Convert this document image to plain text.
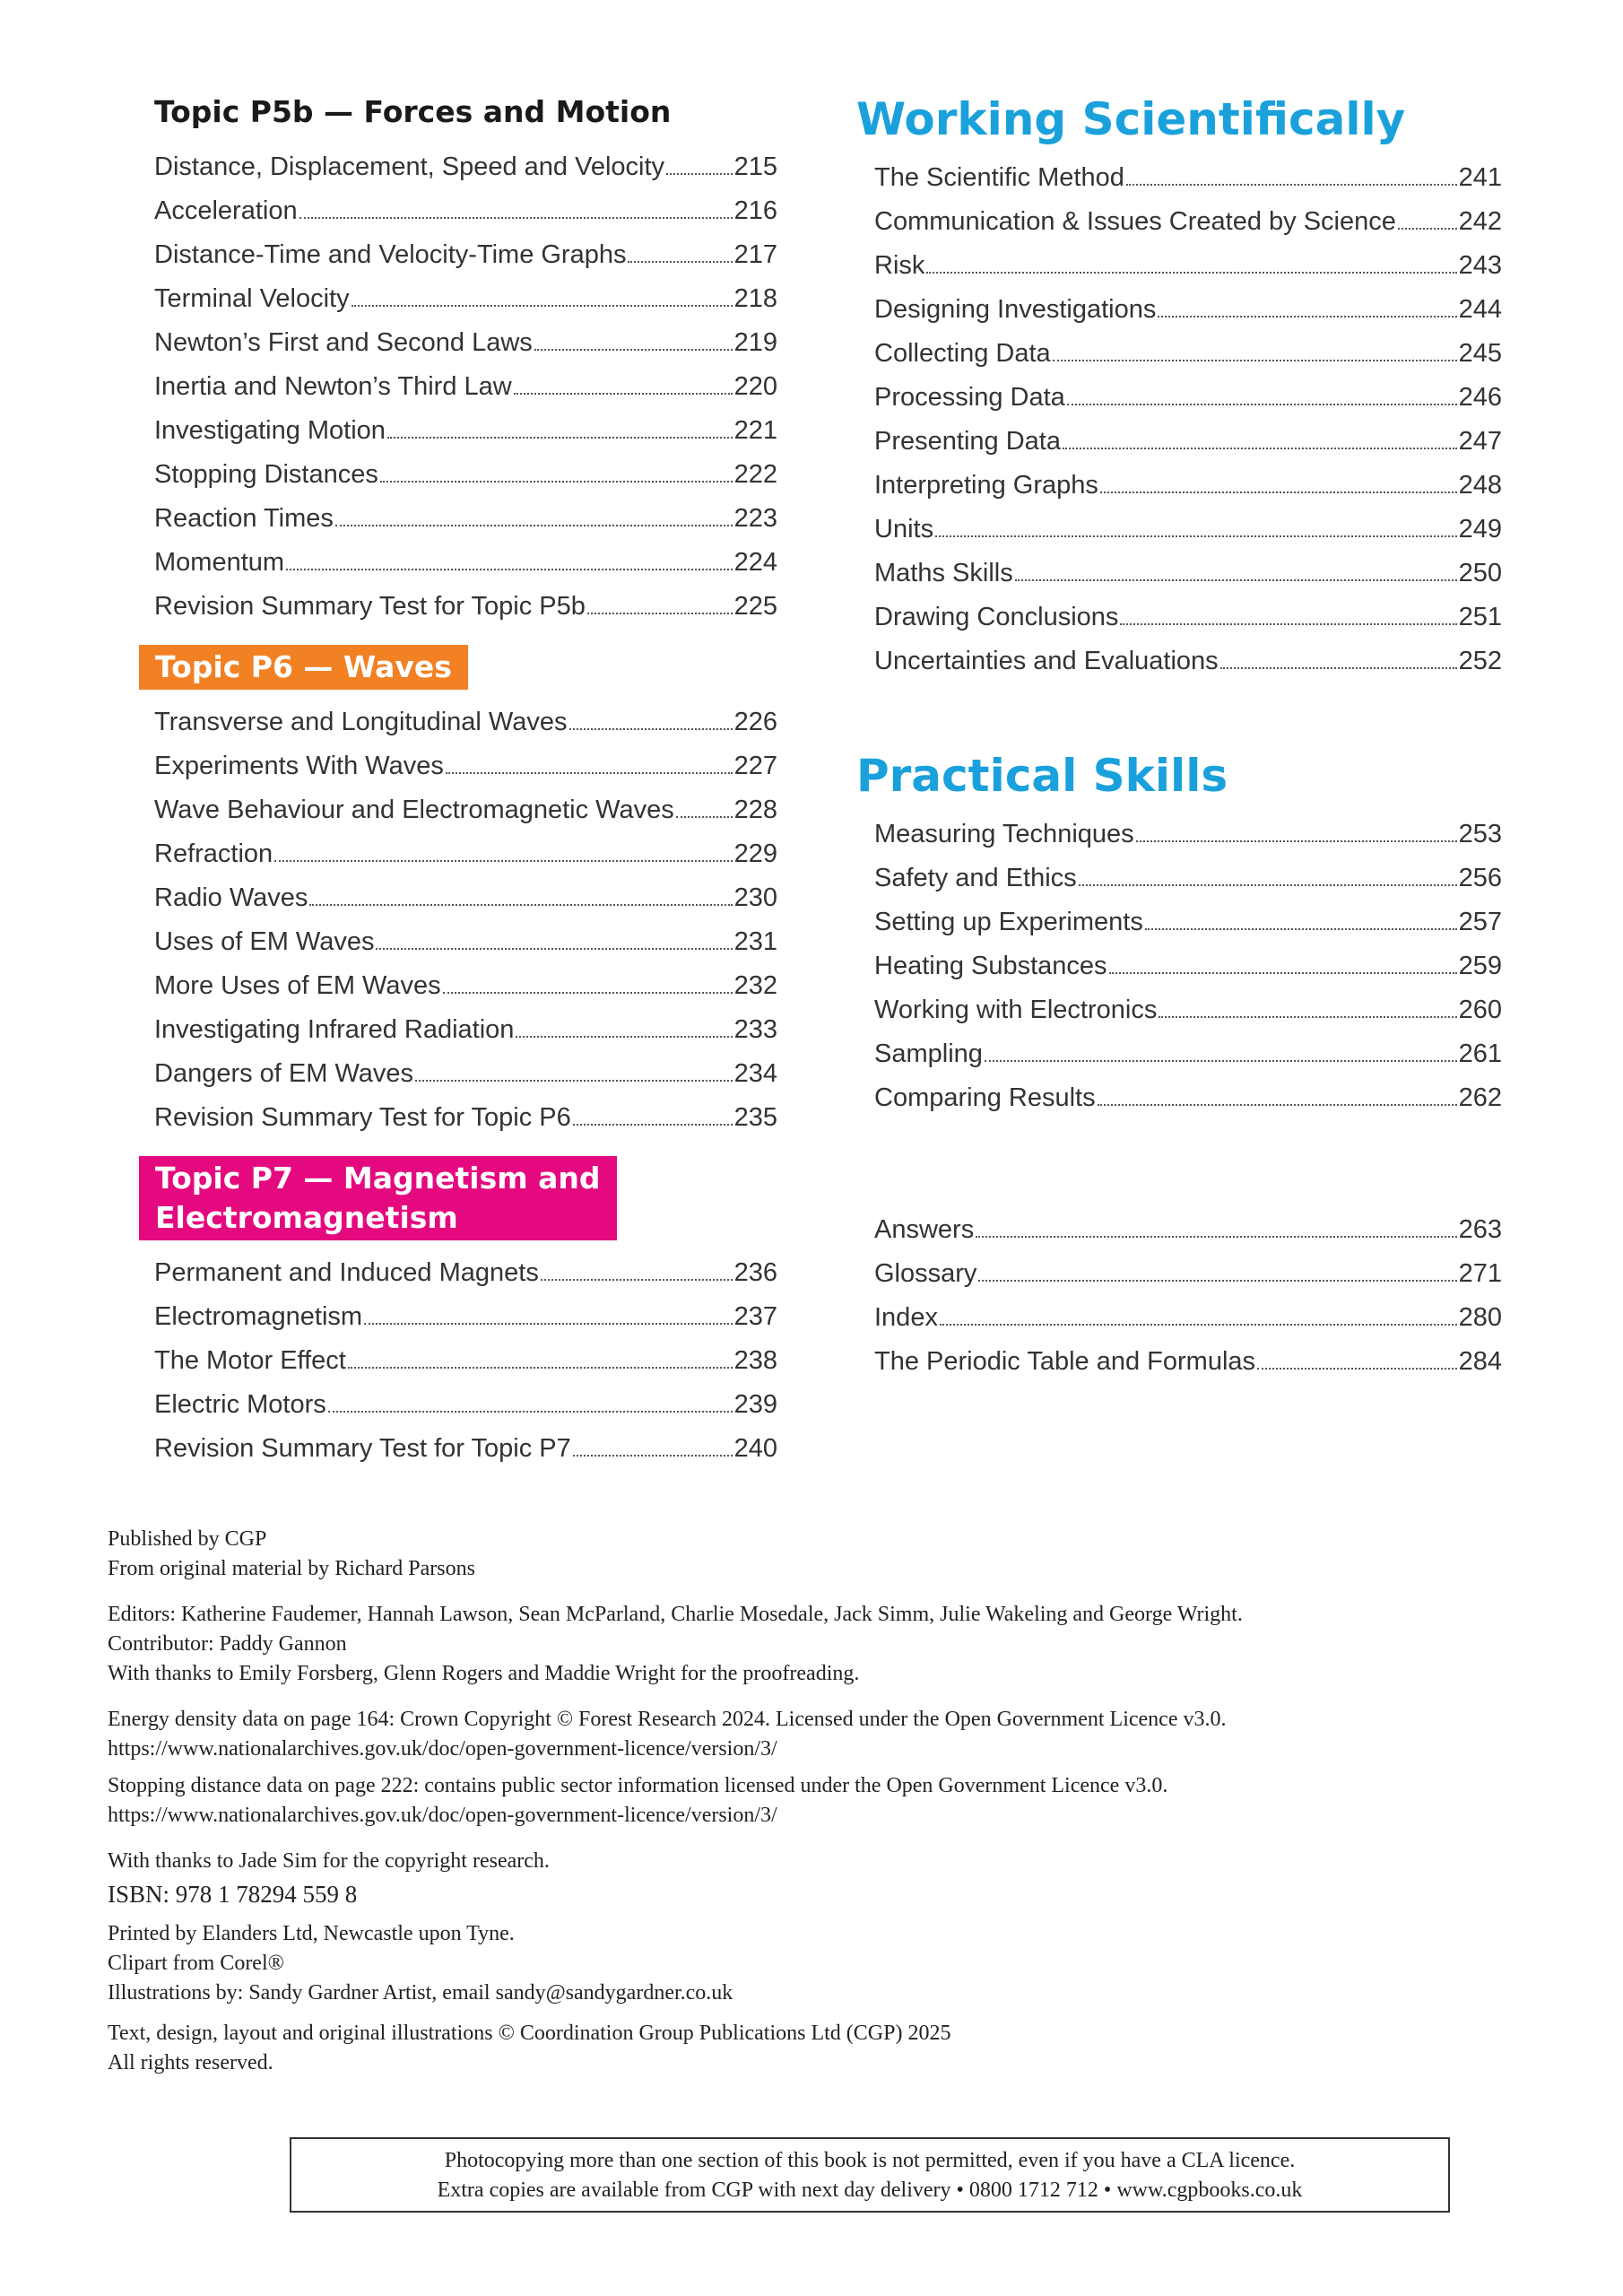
Topic P5b — Forces and Motion
Distance, Displacement, Speed and Velocity	215
Acceleration	216
Distance-Time and Velocity-Time Graphs	217
Terminal Velocity	218
Newton’s First and Second Laws	219
Inertia and Newton’s Third Law	220
Investigating Motion	221
Stopping Distances	222
Reaction Times	223
Momentum	224
Revision Summary Test for Topic P5b	225
Topic P6 — Waves
Transverse and Longitudinal Waves	226
Experiments With Waves	227
Wave Behaviour and Electromagnetic Waves 228
Refraction	229
Radio Waves	230
Uses of EM Waves	231
More Uses of EM Waves	232
Investigating Infrared Radiation	233
Dangers of EM Waves	234
Revision Summary Test for Topic P6	235
Topic P7 — Magnetism and
Electromagnetism
Permanent and Induced Magnets	236
Electromagnetism	237
The Motor Effect	238
Electric Motors	239
Revision Summary Test for Topic P7	240
Working Scientifically
The Scientific Method	241
Communication & Issues Created by Science 242
Risk	243
Designing Investigations	244
Collecting Data	245
Processing Data	246
Presenting Data	247
Interpreting Graphs	248
Units	249
Maths Skills	250
Drawing Conclusions	251
Uncertainties and Evaluations	252
Practical Skills
Measuring Techniques	253
Safety and Ethics	256
Setting up Experiments	257
Heating Substances	259
Working with Electronics	260
Sampling	261
Comparing Results	262
Answers	263
Glossary	271
Index	280
The Periodic Table and Formulas	284

Published by CGP

From original material by Richard Parsons

Editors: Katherine Faudemer, Hannah Lawson, Sean McParland, Charlie Mosedale, Jack Simm, Julie Wakeling and George Wright.

Contributor: Paddy Gannon

With thanks to Emily Forsberg, Glenn Rogers and Maddie Wright for the proofreading.

Energy density data on page 164: Crown Copyright © Forest Research 2024. Licensed under the Open Government Licence v3.0.

https://www.nationalarchives.gov.uk/doc/open-government-licence/version/3/

Stopping distance data on page 222: contains public sector information licensed under the Open Government Licence v3.0.

https://www.nationalarchives.gov.uk/doc/open-government-licence/version/3/

With thanks to Jade Sim for the copyright research.

ISBN: 978 1 78294 559 8

Printed by Elanders Ltd, Newcastle upon Tyne.

Clipart from Corel®

Illustrations by: Sandy Gardner Artist, email sandy@sandygardner.co.uk

Text, design, layout and original illustrations © Coordination Group Publications Ltd (CGP) 2025

All rights reserved.

Photocopying more than one section of this book is not permitted, even if you have a CLA licence.

Extra copies are available from CGP with next day delivery • 0800 1712 712 • www.cgpbooks.co.uk
